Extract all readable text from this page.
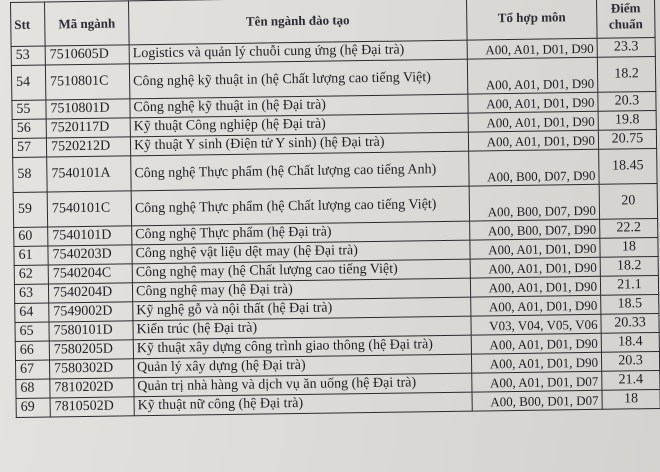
Stt	Mã ngành	Tên ngành đào tạo	Tổ hợp môn	Điểm
chuẩn
53	7510605D	Logistics và quản lý chuỗi cung ứng (hệ Đại trà)	A00, A01, D01, D90	23.3
54	7510801C	Công nghệ kỹ thuật in (hệ Chất lượng cao tiếng Việt)	A00, A01, D01, D90	18.2
55	7510801D	Công nghệ kỹ thuật in (hệ Đại trà)	A00, A01, D01, D90	20.3
56	7520117D	Kỹ thuật Công nghiệp (hệ Đại trà)	A00, A01, D01, D90	19.8
57	7520212D	Kỹ thuật Y sinh (Điện tử Y sinh) (hệ Đại trà)	A00, A01, D01, D90	20.75
58	7540101A	Công nghệ Thực phẩm (hệ Chất lượng cao tiếng Anh)	A00, B00, D07, D90	18.45
59	7540101C	Công nghệ Thực phẩm (hệ Chất lượng cao tiếng Việt)	A00, B00, D07, D90	20
60	7540101D	Công nghệ Thực phẩm (hệ Đại trà)	A00, B00, D07, D90	22.2
61	7540203D	Công nghệ vật liệu dệt may (hệ Đại trà)	A00, A01, D01, D90	18
62	7540204C	Công nghệ may (hệ Chất lượng cao tiếng Việt)	A00, A01, D01, D90	18.2
63	7540204D	Công nghệ may (hệ Đại trà)	A00, A01, D01, D90	21.1
64	7549002D	Kỹ nghệ gỗ và nội thất (hệ Đại trà)	A00, A01, D01, D90	18.5
65	7580101D	Kiến trúc (hệ Đại trà)	V03, V04, V05, V06	20.33
66	7580205D	Kỹ thuật xây dựng công trình giao thông (hệ Đại trà)	A00, A01, D01, D90	18.4
67	7580302D	Quản lý xây dựng (hệ Đại trà)	A00, A01, D01, D90	20.3
68	7810202D	Quản trị nhà hàng và dịch vụ ăn uống (hệ Đại trà)	A00, A01, D01, D07	21.4
69	7810502D	Kỹ thuật nữ công (hệ Đại trà)	A00, B00, D01, D07	18
